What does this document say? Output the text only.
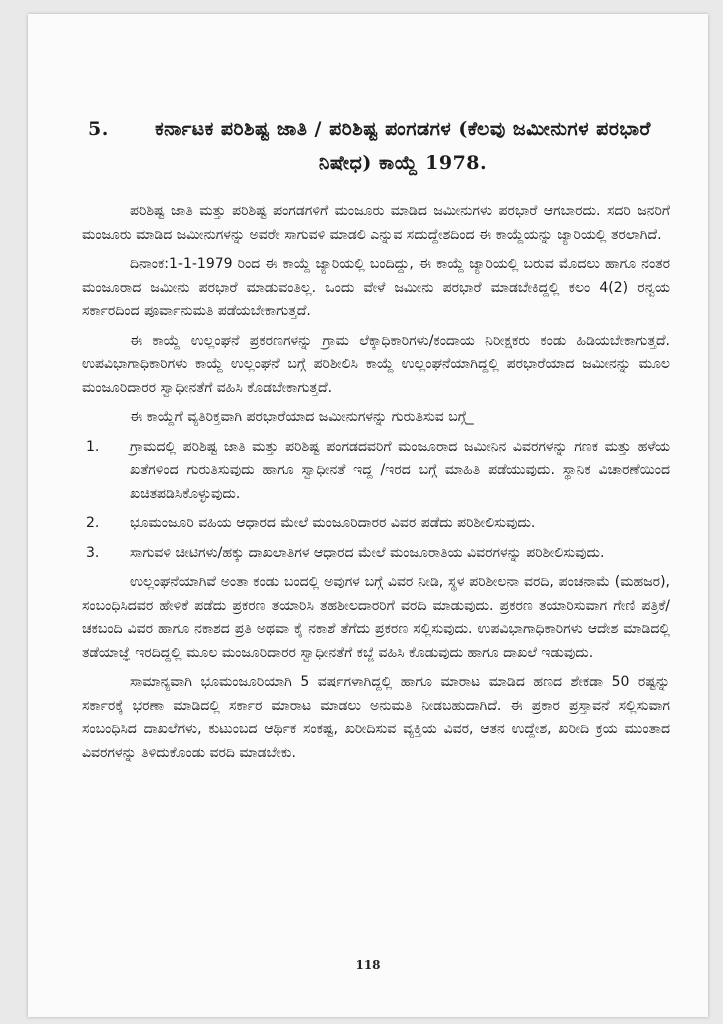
5.	ಕರ್ನಾಟಕ ಪರಿಶಿಷ್ಟ ಜಾತಿ / ಪರಿಶಿಷ್ಟ ಪಂಗಡಗಳ (ಕೆಲವು ಜಮೀನುಗಳ ಪರಭಾರೆ ನಿಷೇಧ) ಕಾಯ್ದೆ 1978.

ಪರಿಶಿಷ್ಟ ಜಾತಿ ಮತ್ತು ಪರಿಶಿಷ್ಟ ಪಂಗಡಗಳಿಗೆ ಮಂಜೂರು ಮಾಡಿದ ಜಮೀನುಗಳು ಪರಭಾರೆ ಆಗಬಾರದು. ಸದರಿ ಜನರಿಗೆ ಮಂಜೂರು ಮಾಡಿದ ಜಮೀನುಗಳನ್ನು ಅವರೇ ಸಾಗುವಳಿ ಮಾಡಲಿ ಎನ್ನುವ ಸದುದ್ದೇಶದಿಂದ ಈ ಕಾಯ್ದೆಯನ್ನು ಜ್ಯಾರಿಯಲ್ಲಿ ತರಲಾಗಿದೆ.

ದಿನಾಂಕ:1-1-1979 ರಿಂದ ಈ ಕಾಯ್ದೆ ಜ್ಯಾರಿಯಲ್ಲಿ ಬಂದಿದ್ದು, ಈ ಕಾಯ್ದೆ ಜ್ಯಾರಿಯಲ್ಲಿ ಬರುವ ಮೊದಲು ಹಾಗೂ ನಂತರ ಮಂಜೂರಾದ ಜಮೀನು ಪರಭಾರೆ ಮಾಡುವಂತಿಲ್ಲ. ಒಂದು ವೇಳೆ ಜಮೀನು ಪರಭಾರೆ ಮಾಡಬೇಕಿದ್ದಲ್ಲಿ ಕಲಂ 4(2) ರನ್ವಯ ಸರ್ಕಾರದಿಂದ ಪೂರ್ವಾನುಮತಿ ಪಡೆಯಬೇಕಾಗುತ್ತದೆ.

ಈ ಕಾಯ್ದೆ ಉಲ್ಲಂಘನೆ ಪ್ರಕರಣಗಳನ್ನು ಗ್ರಾಮ ಲೆಕ್ಕಾಧಿಕಾರಿಗಳು/ಕಂದಾಯ ನಿರೀಕ್ಷಕರು ಕಂಡು ಹಿಡಿಯಬೇಕಾಗುತ್ತದೆ. ಉಪವಿಭಾಗಾಧಿಕಾರಿಗಳು ಕಾಯ್ದೆ ಉಲ್ಲಂಘನೆ ಬಗ್ಗೆ ಪರಿಶೀಲಿಸಿ ಕಾಯ್ದೆ ಉಲ್ಲಂಘನೆಯಾಗಿದ್ದಲ್ಲಿ ಪರಭಾರೆಯಾದ ಜಮೀನನ್ನು ಮೂಲ ಮಂಜೂರಿದಾರರ ಸ್ವಾಧೀನತೆಗೆ ವಹಿಸಿ ಕೊಡಬೇಕಾಗುತ್ತದೆ.

ಈ ಕಾಯ್ದೆಗೆ ವ್ಯತಿರಿಕ್ತವಾಗಿ ಪರಭಾರೆಯಾದ ಜಮೀನುಗಳನ್ನು ಗುರುತಿಸುವ ಬಗ್ಗೆ_

1.	ಗ್ರಾಮದಲ್ಲಿ ಪರಿಶಿಷ್ಟ ಜಾತಿ ಮತ್ತು ಪರಿಶಿಷ್ಟ ಪಂಗಡದವರಿಗೆ ಮಂಜೂರಾದ ಜಮೀನಿನ ವಿವರಗಳನ್ನು ಗಣಕ ಮತ್ತು ಹಳೆಯ ಖತೆಗಳಿಂದ ಗುರುತಿಸುವುದು ಹಾಗೂ ಸ್ವಾಧೀನತೆ ಇದ್ದ /ಇರದ ಬಗ್ಗೆ ಮಾಹಿತಿ ಪಡೆಯುವುದು. ಸ್ಥಾನಿಕ ವಿಚಾರಣೆಯಿಂದ ಖಚಿತಪಡಿಸಿಕೊಳ್ಳುವುದು.
2.	ಭೂಮಂಜೂರಿ ವಹಿಯ ಆಧಾರದ ಮೇಲೆ ಮಂಜೂರಿದಾರರ ವಿವರ ಪಡೆದು ಪರಿಶೀಲಿಸುವುದು.
3.	ಸಾಗುವಳಿ ಚೀಟಿಗಳು/ಹಕ್ಕು ದಾಖಲಾತಿಗಳ ಆಧಾರದ ಮೇಲೆ ಮಂಜೂರಾತಿಯ ವಿವರಗಳನ್ನು ಪರಿಶೀಲಿಸುವುದು.

ಉಲ್ಲಂಘನೆಯಾಗಿವೆ ಅಂತಾ ಕಂಡು ಬಂದಲ್ಲಿ ಅವುಗಳ ಬಗ್ಗೆ ವಿವರ ನೀಡಿ, ಸ್ಥಳ ಪರಿಶೀಲನಾ ವರದಿ, ಪಂಚನಾಮೆ (ಮಹಜರ), ಸಂಬಂಧಿಸಿದವರ ಹೇಳಿಕೆ ಪಡೆದು ಪ್ರಕರಣ ತಯಾರಿಸಿ ತಹಶೀಲದಾರರಿಗೆ ವರದಿ ಮಾಡುವುದು. ಪ್ರಕರಣ ತಯಾರಿಸುವಾಗ ಗೇಣಿ ಪತ್ರಿಕೆ/ಚಕಬಂದಿ ವಿವರ ಹಾಗೂ ನಕಾಶದ ಪ್ರತಿ ಅಥವಾ ಕೈ ನಕಾಶೆ ತೆಗೆದು ಪ್ರಕರಣ ಸಲ್ಲಿಸುವುದು. ಉಪವಿಭಾಗಾಧಿಕಾರಿಗಳು ಆದೇಶ ಮಾಡಿದಲ್ಲಿ ತಡೆಯಾಜ್ಞೆ ಇರದಿದ್ದಲ್ಲಿ ಮೂಲ ಮಂಜೂರಿದಾರರ ಸ್ವಾಧೀನತೆಗೆ ಕಬ್ಜೆ ವಹಿಸಿ ಕೊಡುವುದು ಹಾಗೂ ದಾಖಲೆ ಇಡುವುದು.

ಸಾಮಾನ್ಯವಾಗಿ ಭೂಮಂಜೂರಿಯಾಗಿ 5 ವರ್ಷಗಳಾಗಿದ್ದಲ್ಲಿ ಹಾಗೂ ಮಾರಾಟ ಮಾಡಿದ ಹಣದ ಶೇಕಡಾ 50 ರಷ್ಟನ್ನು ಸರ್ಕಾರಕ್ಕೆ ಭರಣಾ ಮಾಡಿದಲ್ಲಿ ಸರ್ಕಾರ ಮಾರಾಟ ಮಾಡಲು ಅನುಮತಿ ನೀಡಬಹುದಾಗಿದೆ. ಈ ಪ್ರಕಾರ ಪ್ರಸ್ತಾವನೆ ಸಲ್ಲಿಸುವಾಗ ಸಂಬಂಧಿಸಿದ ದಾಖಲೆಗಳು, ಕುಟುಂಬದ ಆರ್ಥಿಕ ಸಂಕಷ್ಟ, ಖರೀದಿಸುವ ವ್ಯಕ್ತಿಯ ವಿವರ, ಆತನ ಉದ್ದೇಶ, ಖರೀದಿ ಕ್ರಯ ಮುಂತಾದ ವಿವರಗಳನ್ನು ತಿಳಿದುಕೊಂಡು ವರದಿ ಮಾಡಬೇಕು.

118
